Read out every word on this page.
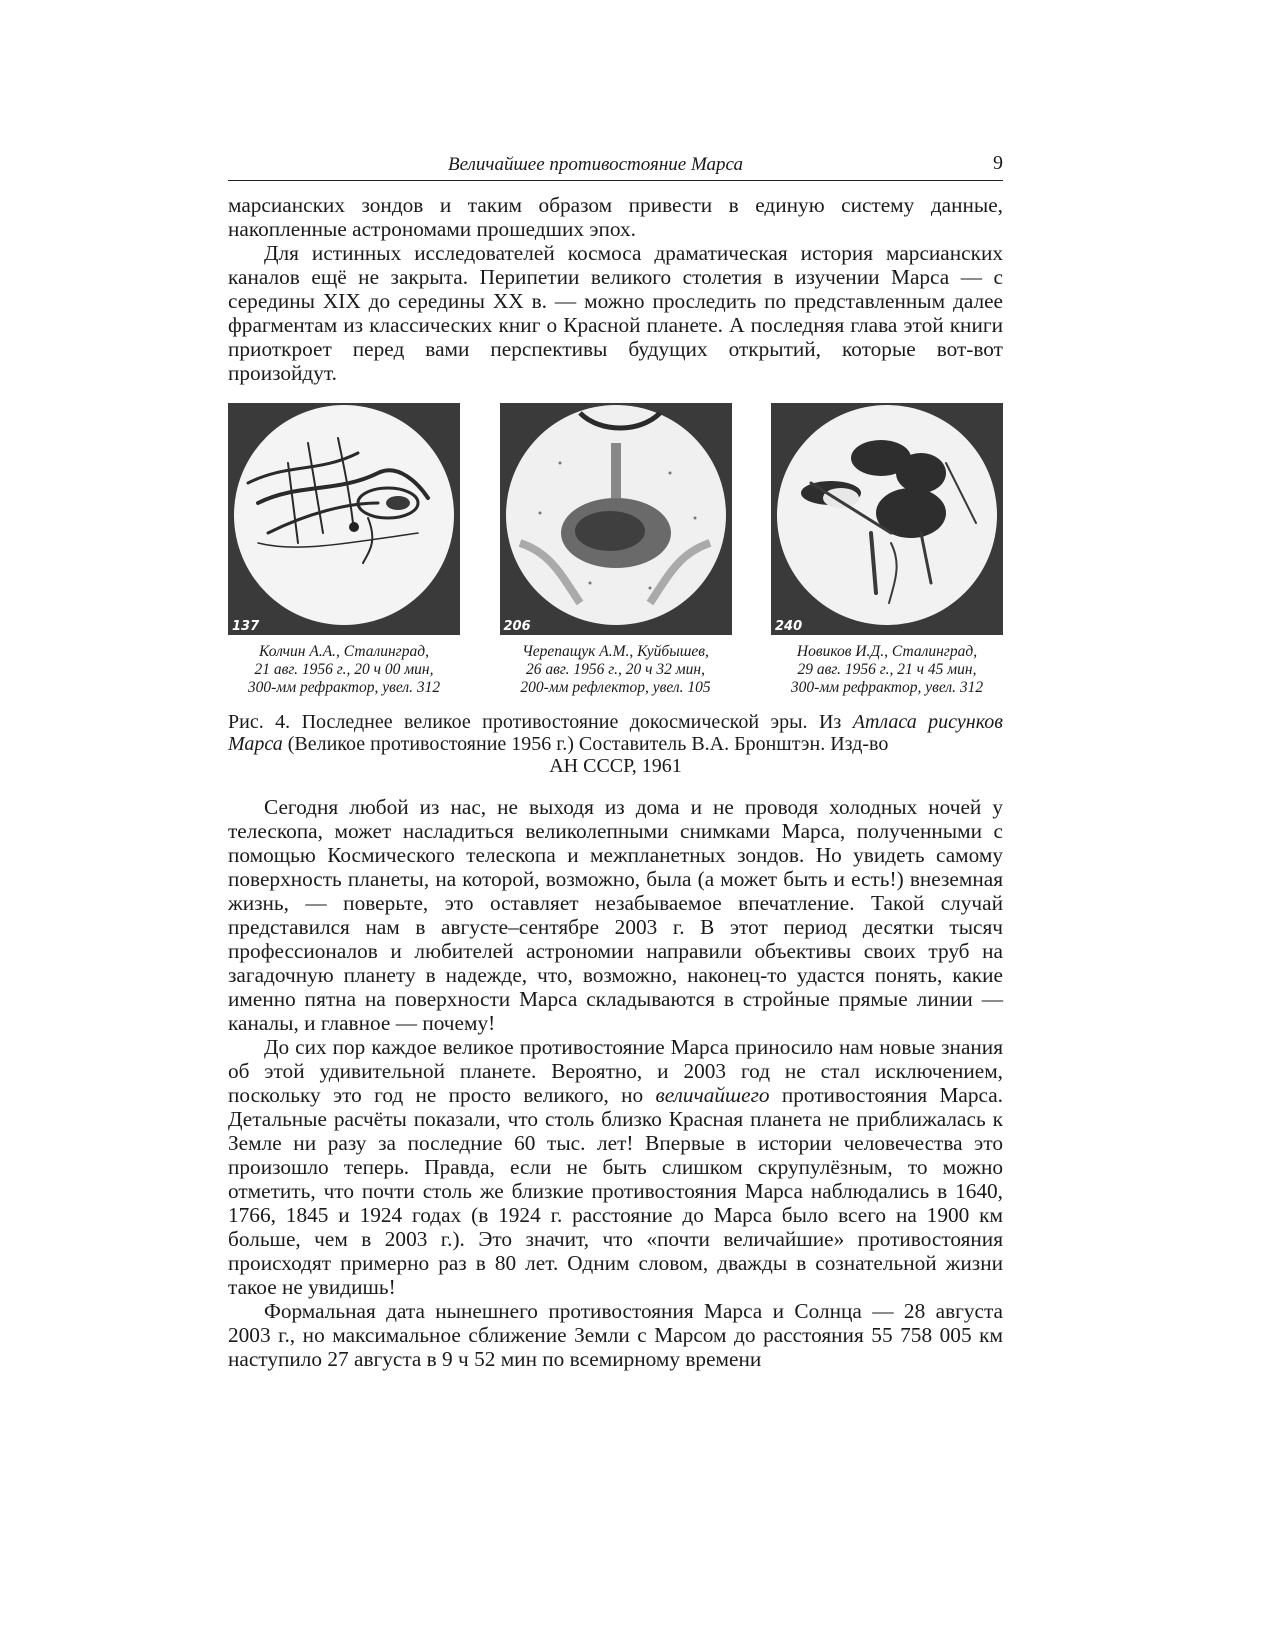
Величайшее противостояние Марса	9

марсианских зондов и таким образом привести в единую систему данные, накопленные астрономами прошедших эпох.

Для истинных исследователей космоса драматическая история марсианских каналов ещё не закрыта. Перипетии великого столетия в изучении Марса — с середины XIX до середины XX в. — можно проследить по представленным далее фрагментам из классических книг о Красной планете. А последняя глава этой книги приоткроет перед вами перспективы будущих открытий, которые вот-вот произойдут.

137
Колчин А.А., Сталинград,
21 авг. 1956 г., 20 ч 00 мин,
300-мм рефрактор, увел. 312
206
Черепащук А.М., Куйбышев,
26 авг. 1956 г., 20 ч 32 мин,
200-мм рефлектор, увел. 105
240
Новиков И.Д., Сталинград,
29 авг. 1956 г., 21 ч 45 мин,
300-мм рефрактор, увел. 312
Рис. 4. Последнее великое противостояние докосмической эры. Из Атласа рисунков Марса (Великое противостояние 1956 г.) Составитель В.А. Бронштэн. Изд-во
АН СССР, 1961

Сегодня любой из нас, не выходя из дома и не проводя холодных ночей у телескопа, может насладиться великолепными снимками Марса, полученными с помощью Космического телескопа и межпланетных зондов. Но увидеть самому поверхность планеты, на которой, возможно, была (а может быть и есть!) внеземная жизнь, — поверьте, это оставляет незабываемое впечатление. Такой случай представился нам в августе–сентябре 2003 г. В этот период десятки тысяч профессионалов и любителей астрономии направили объективы своих труб на загадочную планету в надежде, что, возможно, наконец-то удастся понять, какие именно пятна на поверхности Марса складываются в стройные прямые линии — каналы, и главное — почему!

До сих пор каждое великое противостояние Марса приносило нам новые знания об этой удивительной планете. Вероятно, и 2003 год не стал исключением, поскольку это год не просто великого, но величайшего противостояния Марса. Детальные расчёты показали, что столь близко Красная планета не приближалась к Земле ни разу за последние 60 тыс. лет! Впервые в истории человечества это произошло теперь. Правда, если не быть слишком скрупулёзным, то можно отметить, что почти столь же близкие противостояния Марса наблюдались в 1640, 1766, 1845 и 1924 годах (в 1924 г. расстояние до Марса было всего на 1900 км больше, чем в 2003 г.). Это значит, что «почти величайшие» противостояния происходят примерно раз в 80 лет. Одним словом, дважды в сознательной жизни такое не увидишь!

Формальная дата нынешнего противостояния Марса и Солнца — 28 августа 2003 г., но максимальное сближение Земли с Марсом до расстояния 55 758 005 км наступило 27 августа в 9 ч 52 мин по всемирному времени
